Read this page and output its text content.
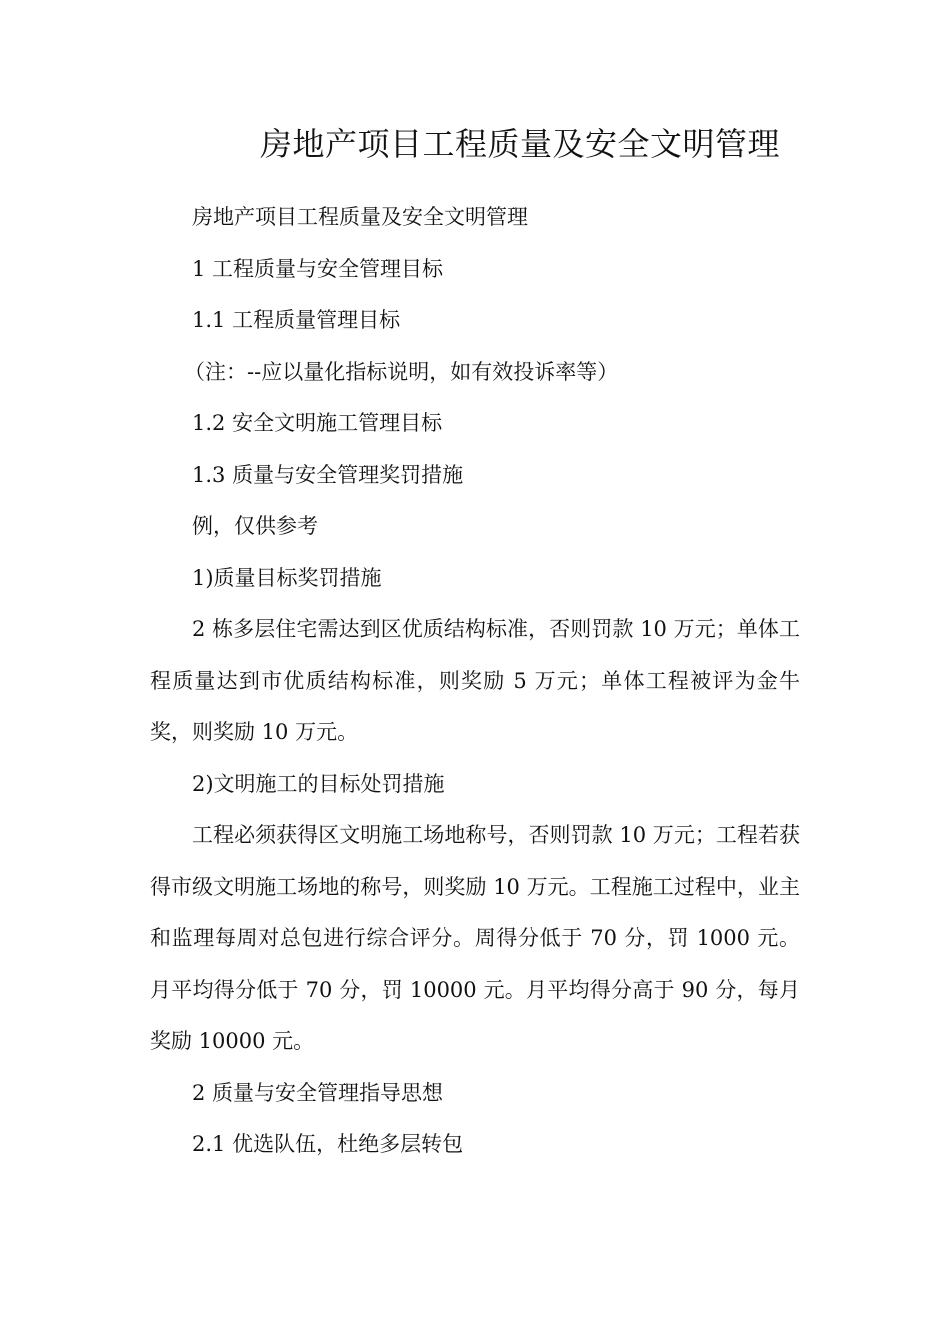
房地产项目工程质量及安全文明管理

房地产项目工程质量及安全文明管理

1 工程质量与安全管理目标

1.1 工程质量管理目标

（注：--应以量化指标说明，如有效投诉率等）

1.2 安全文明施工管理目标

1.3 质量与安全管理奖罚措施

例，仅供参考

1)质量目标奖罚措施

2 栋多层住宅需达到区优质结构标准，否则罚款 10 万元；单体工程质量达到市优质结构标准，则奖励 5 万元；单体工程被评为金牛奖，则奖励 10 万元。

2)文明施工的目标处罚措施

工程必须获得区文明施工场地称号，否则罚款 10 万元；工程若获得市级文明施工场地的称号，则奖励 10 万元。工程施工过程中，业主和监理每周对总包进行综合评分。周得分低于 70 分，罚 1000 元。月平均得分低于 70 分，罚 10000 元。月平均得分高于 90 分，每月奖励 10000 元。

2 质量与安全管理指导思想

2.1 优选队伍，杜绝多层转包
